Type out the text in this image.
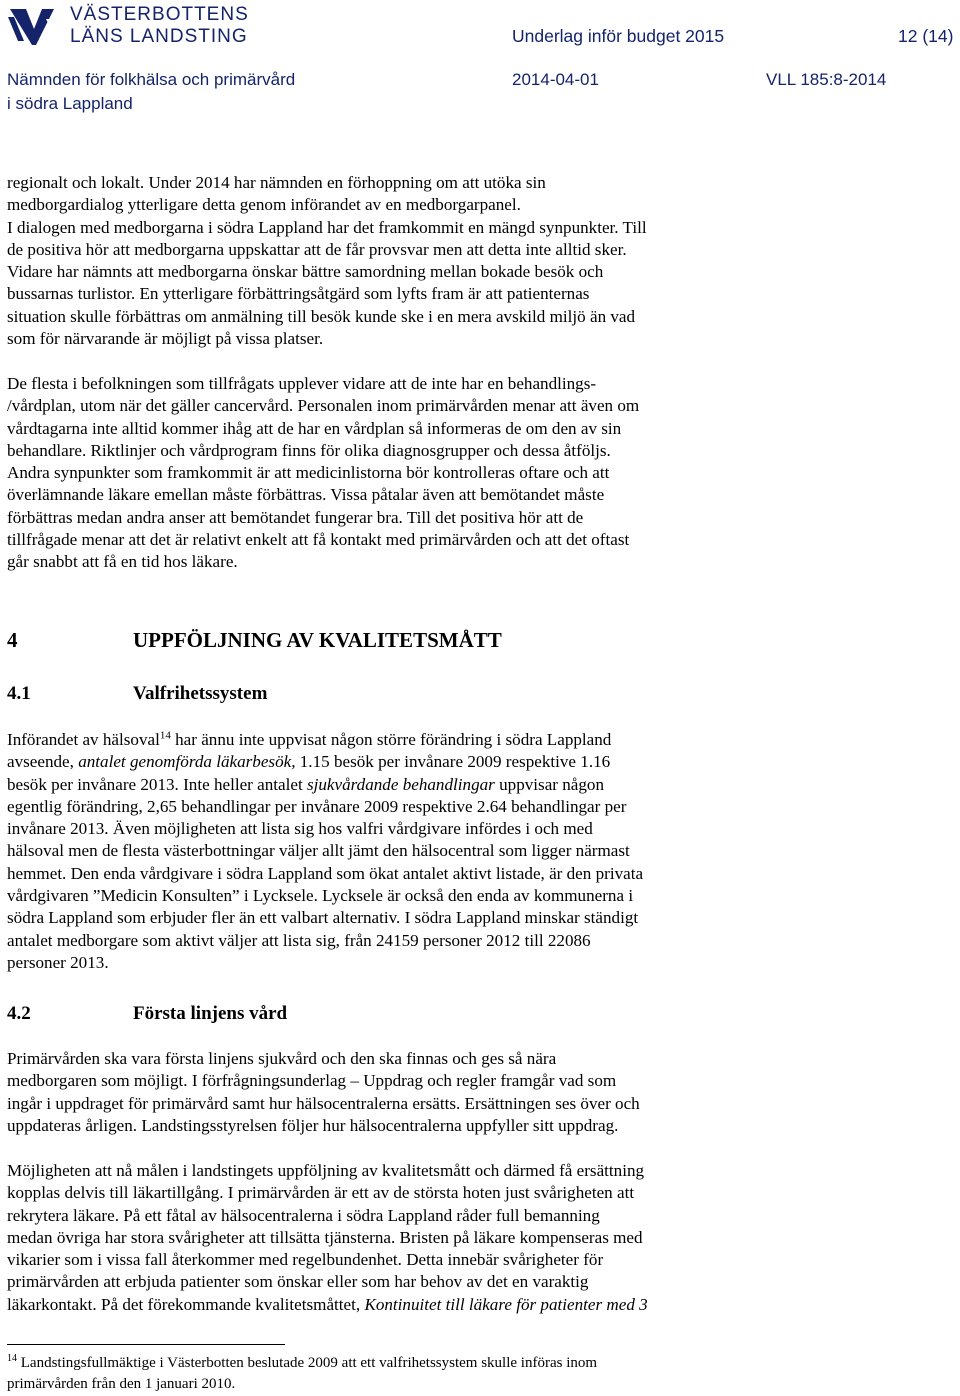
VÄSTERBOTTENS
LÄNS LANDSTING	Underlag inför budget 2015	12 (14)
Nämnden för folkhälsa och primärvård
i södra Lappland
2014-04-01	VLL 185:8-2014
regionalt och lokalt. Under 2014 har nämnden en förhoppning om att utöka sin
medborgardialog ytterligare detta genom införandet av en medborgarpanel.
I dialogen med medborgarna i södra Lappland har det framkommit en mängd synpunkter. Till
de positiva hör att medborgarna uppskattar att de får provsvar men att detta inte alltid sker.
Vidare har nämnts att medborgarna önskar bättre samordning mellan bokade besök och
bussarnas turlistor. En ytterligare förbättringsåtgärd som lyfts fram är att patienternas
situation skulle förbättras om anmälning till besök kunde ske i en mera avskild miljö än vad
som för närvarande är möjligt på vissa platser.
De flesta i befolkningen som tillfrågats upplever vidare att de inte har en behandlings-
/vårdplan, utom när det gäller cancervård. Personalen inom primärvården menar att även om
vårdtagarna inte alltid kommer ihåg att de har en vårdplan så informeras de om den av sin
behandlare. Riktlinjer och vårdprogram finns för olika diagnosgrupper och dessa åtföljs.
Andra synpunkter som framkommit är att medicinlistorna bör kontrolleras oftare och att
överlämnande läkare emellan måste förbättras. Vissa påtalar även att bemötandet måste
förbättras medan andra anser att bemötandet fungerar bra. Till det positiva hör att de
tillfrågade menar att det är relativt enkelt att få kontakt med primärvården och att det oftast
går snabbt att få en tid hos läkare.
4	UPPFÖLJNING AV KVALITETSMÅTT
4.1	Valfrihetssystem
Införandet av hälsoval$^{14}$ har ännu inte uppvisat någon större förändring i södra Lappland
avseende, antalet genomförda läkarbesök, 1.15 besök per invånare 2009 respektive 1.16
besök per invånare 2013. Inte heller antalet sjukvårdande behandlingar uppvisar någon
egentlig förändring, 2,65 behandlingar per invånare 2009 respektive 2.64 behandlingar per
invånare 2013. Även möjligheten att lista sig hos valfri vårdgivare infördes i och med
hälsoval men de flesta västerbottningar väljer allt jämt den hälsocentral som ligger närmast
hemmet. Den enda vårdgivare i södra Lappland som ökat antalet aktivt listade, är den privata
vårdgivaren ”Medicin Konsulten” i Lycksele. Lycksele är också den enda av kommunerna i
södra Lappland som erbjuder fler än ett valbart alternativ. I södra Lappland minskar ständigt
antalet medborgare som aktivt väljer att lista sig, från 24159 personer 2012 till 22086
personer 2013.
4.2	Första linjens vård
Primärvården ska vara första linjens sjukvård och den ska finnas och ges så nära
medborgaren som möjligt. I förfrågningsunderlag – Uppdrag och regler framgår vad som
ingår i uppdraget för primärvård samt hur hälsocentralerna ersätts. Ersättningen ses över och
uppdateras årligen. Landstingsstyrelsen följer hur hälsocentralerna uppfyller sitt uppdrag.
Möjligheten att nå målen i landstingets uppföljning av kvalitetsmått och därmed få ersättning
kopplas delvis till läkartillgång. I primärvården är ett av de största hoten just svårigheten att
rekrytera läkare. På ett fåtal av hälsocentralerna i södra Lappland råder full bemanning
medan övriga har stora svårigheter att tillsätta tjänsterna. Bristen på läkare kompenseras med
vikarier som i vissa fall återkommer med regelbundenhet. Detta innebär svårigheter för
primärvården att erbjuda patienter som önskar eller som har behov av det en varaktig
läkarkontakt. På det förekommande kvalitetsmåttet, Kontinuitet till läkare för patienter med 3
$^{14}$ Landstingsfullmäktige i Västerbotten beslutade 2009 att ett valfrihetssystem skulle införas inom
primärvården från den 1 januari 2010.
